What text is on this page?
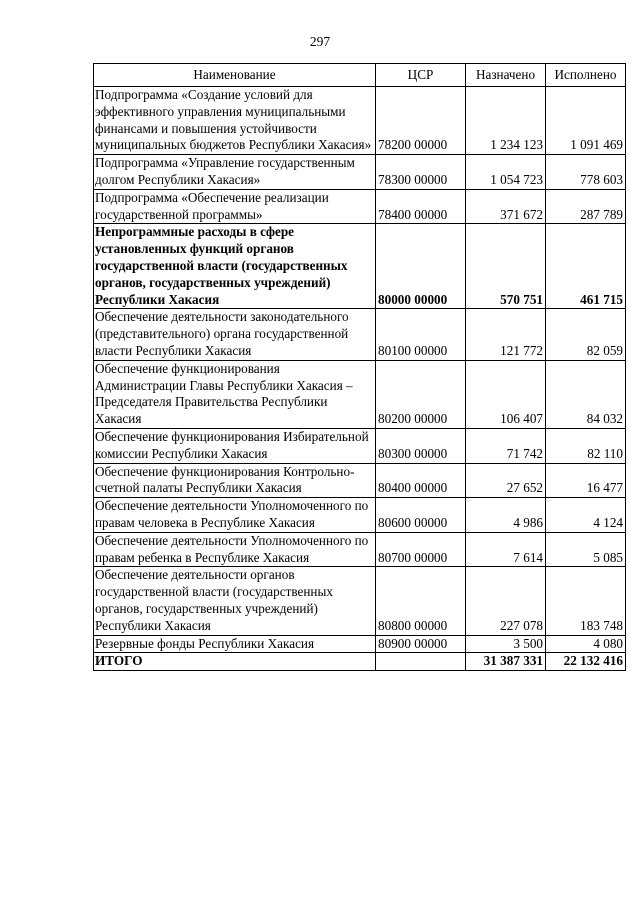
297
Наименование	ЦСР	Назначено	Исполнено
Подпрограмма «Создание условий для эффективного управления муниципальными финансами и повышения устойчивости муниципальных бюджетов Республики Хакасия»	78200 00000	1 234 123	1 091 469
Подпрограмма «Управление государственным долгом Республики Хакасия»	78300 00000	1 054 723	778 603
Подпрограмма «Обеспечение реализации государственной программы»	78400 00000	371 672	287 789
Непрограммные расходы в сфере установленных функций органов государственной власти (государственных органов, государственных учреждений) Республики Хакасия	80000 00000	570 751	461 715
Обеспечение деятельности законодательного (представительного) органа государственной власти Республики Хакасия	80100 00000	121 772	82 059
Обеспечение функционирования Администрации Главы Республики Хакасия – Председателя Правительства Республики Хакасия	80200 00000	106 407	84 032
Обеспечение функционирования Избирательной комиссии Республики Хакасия	80300 00000	71 742	82 110
Обеспечение функционирования Контрольно-счетной палаты Республики Хакасия	80400 00000	27 652	16 477
Обеспечение деятельности Уполномоченного по правам человека в Республике Хакасия	80600 00000	4 986	4 124
Обеспечение деятельности Уполномоченного по правам ребенка в Республике Хакасия	80700 00000	7 614	5 085
Обеспечение деятельности органов государственной власти (государственных органов, государственных учреждений) Республики Хакасия	80800 00000	227 078	183 748
Резервные фонды Республики Хакасия	80900 00000	3 500	4 080
ИТОГО		31 387 331	22 132 416
